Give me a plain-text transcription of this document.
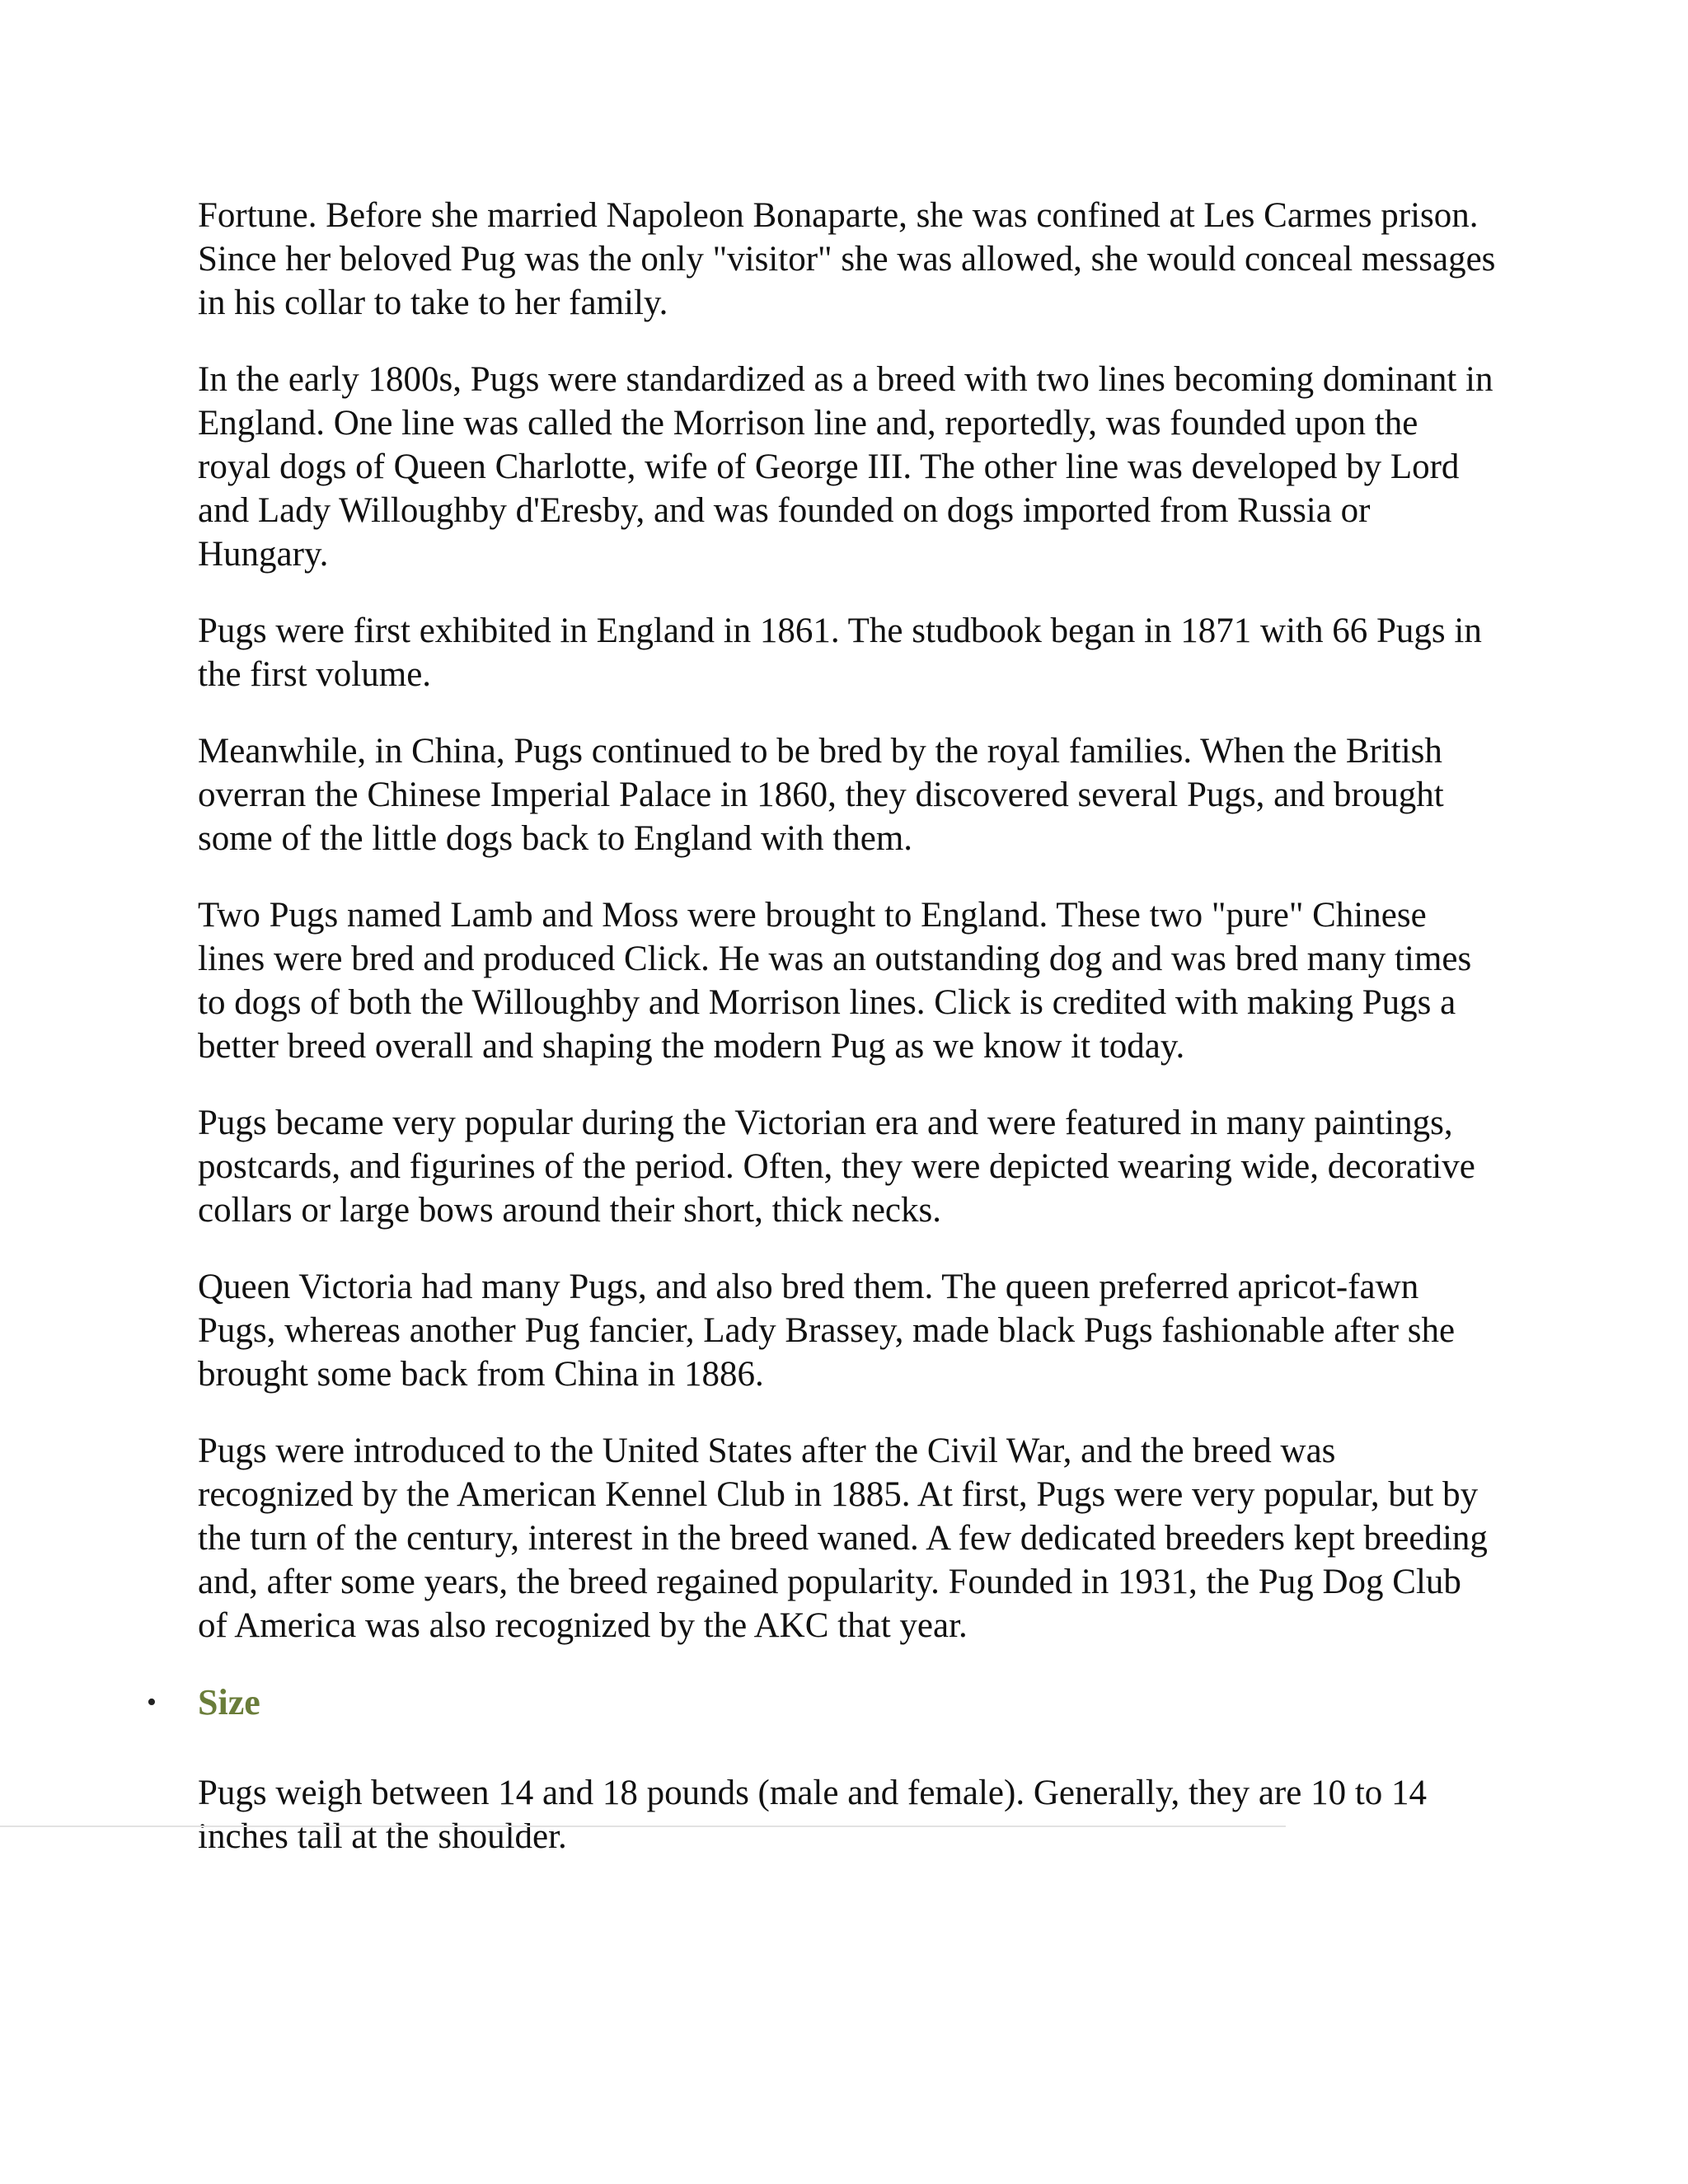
Fortune. Before she married Napoleon Bonaparte, she was confined at Les Carmes prison. Since her beloved Pug was the only "visitor" she was allowed, she would conceal messages in his collar to take to her family.

In the early 1800s, Pugs were standardized as a breed with two lines becoming dominant in England. One line was called the Morrison line and, reportedly, was founded upon the royal dogs of Queen Charlotte, wife of George III. The other line was developed by Lord and Lady Willoughby d'Eresby, and was founded on dogs imported from Russia or Hungary.

Pugs were first exhibited in England in 1861. The studbook began in 1871 with 66 Pugs in the first volume.

Meanwhile, in China, Pugs continued to be bred by the royal families. When the British overran the Chinese Imperial Palace in 1860, they discovered several Pugs, and brought some of the little dogs back to England with them.

Two Pugs named Lamb and Moss were brought to England. These two "pure" Chinese lines were bred and produced Click. He was an outstanding dog and was bred many times to dogs of both the Willoughby and Morrison lines. Click is credited with making Pugs a better breed overall and shaping the modern Pug as we know it today.

Pugs became very popular during the Victorian era and were featured in many paintings, postcards, and figurines of the period. Often, they were depicted wearing wide, decorative collars or large bows around their short, thick necks.

Queen Victoria had many Pugs, and also bred them. The queen preferred apricot-fawn Pugs, whereas another Pug fancier, Lady Brassey, made black Pugs fashionable after she brought some back from China in 1886.

Pugs were introduced to the United States after the Civil War, and the breed was recognized by the American Kennel Club in 1885. At first, Pugs were very popular, but by the turn of the century, interest in the breed waned. A few dedicated breeders kept breeding and, after some years, the breed regained popularity. Founded in 1931, the Pug Dog Club of America was also recognized by the AKC that year.

• Size

Pugs weigh between 14 and 18 pounds (male and female). Generally, they are 10 to 14 inches tall at the shoulder.
